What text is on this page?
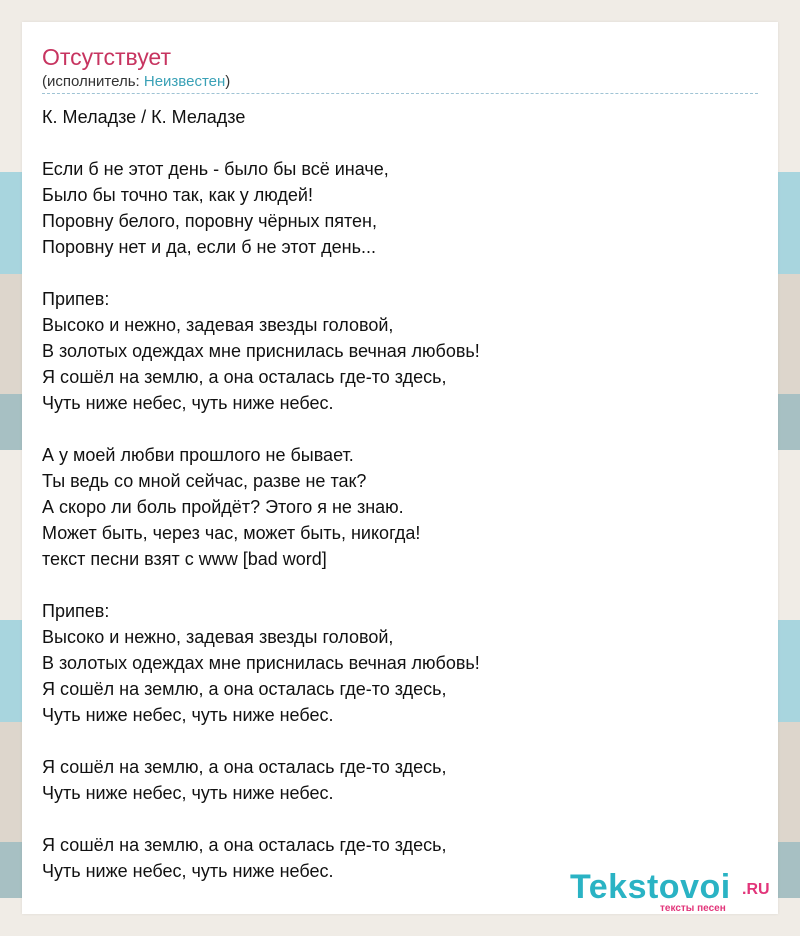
Отсутствует
(исполнитель: Неизвестен)
К. Меладзе / К. Меладзе
Если б не этот день - было бы всё иначе,
Было бы точно так, как у людей!
Поровну белого, поровну чёрных пятен,
Поровну нет и да, если б не этот день...
Припев:
Высоко и нежно, задевая звезды головой,
В золотых одеждах мне приснилась вечная любовь!
Я сошёл на землю, а она осталась где-то здесь,
Чуть ниже небес, чуть ниже небес.
А у моей любви прошлого не бывает.
Ты ведь со мной сейчас, разве не так?
А скоро ли боль пройдёт? Этого я не знаю.
Может быть, через час, может быть, никогда!
текст песни взят с www [bad word]
Припев:
Высоко и нежно, задевая звезды головой,
В золотых одеждах мне приснилась вечная любовь!
Я сошёл на землю, а она осталась где-то здесь,
Чуть ниже небес, чуть ниже небес.
Я сошёл на землю, а она осталась где-то здесь,
Чуть ниже небес, чуть ниже небес.
Я сошёл на землю, а она осталась где-то здесь,
Чуть ниже небес, чуть ниже небес.	Tekstovoi .RU
тексты песен
